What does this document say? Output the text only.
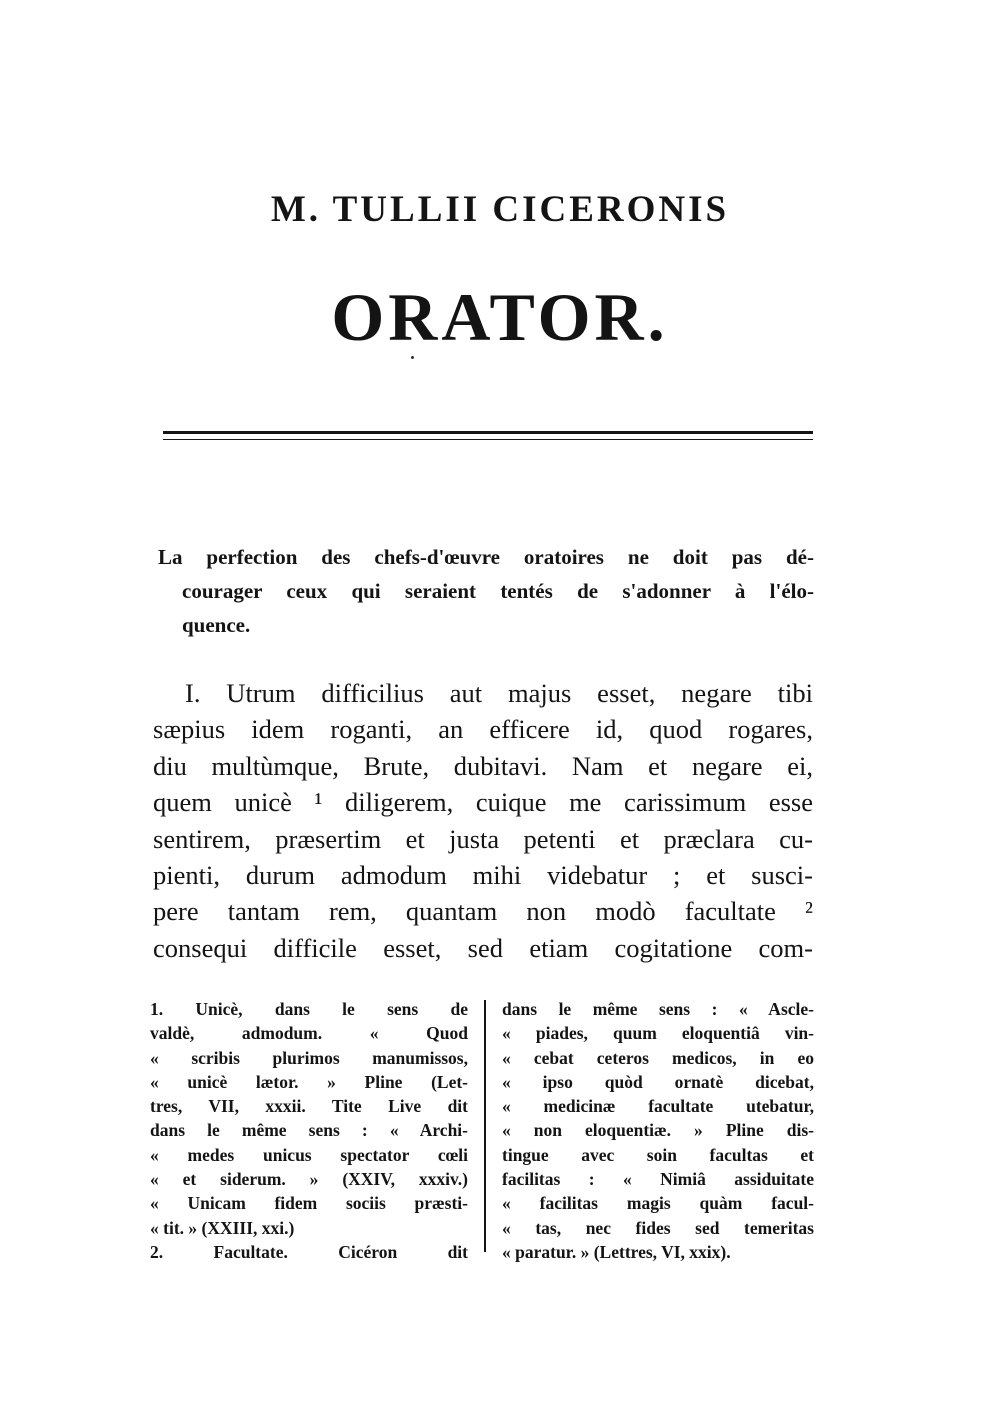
M. TULLII CICERONIS
ORATOR.
La perfection des chefs-d'œuvre oratoires ne doit pas dé-
courager ceux qui seraient tentés de s'adonner à l'élo-
quence.
I. Utrum difficilius aut majus esset, negare tibi
sæpius idem roganti, an efficere id, quod rogares,
diu multùmque, Brute, dubitavi. Nam et negare ei,
quem unicè ¹ diligerem, cuique me carissimum esse
sentirem, præsertim et justa petenti et præclara cu-
pienti, durum admodum mihi videbatur ; et susci-
pere tantam rem, quantam non modò facultate ²
consequi difficile esset, sed etiam cogitatione com-
1. Unicè, dans le sens de
valdè, admodum. « Quod
« scribis plurimos manumissos,
« unicè lætor. » Pline (Let-
tres, VII, xxxii. Tite Live dit
dans le même sens : « Archi-
« medes unicus spectator cœli
« et siderum. » (XXIV, xxxiv.)
« Unicam fidem sociis præsti-
« tit. » (XXIII, xxi.)
2. Facultate. Cicéron dit
dans le même sens : « Ascle-
« piades, quum eloquentiâ vin-
« cebat ceteros medicos, in eo
« ipso quòd ornatè dicebat,
« medicinæ facultate utebatur,
« non eloquentiæ. » Pline dis-
tingue avec soin facultas et
facilitas : « Nimiâ assiduitate
« facilitas magis quàm facul-
« tas, nec fides sed temeritas
« paratur. » (Lettres, VI, xxix).
